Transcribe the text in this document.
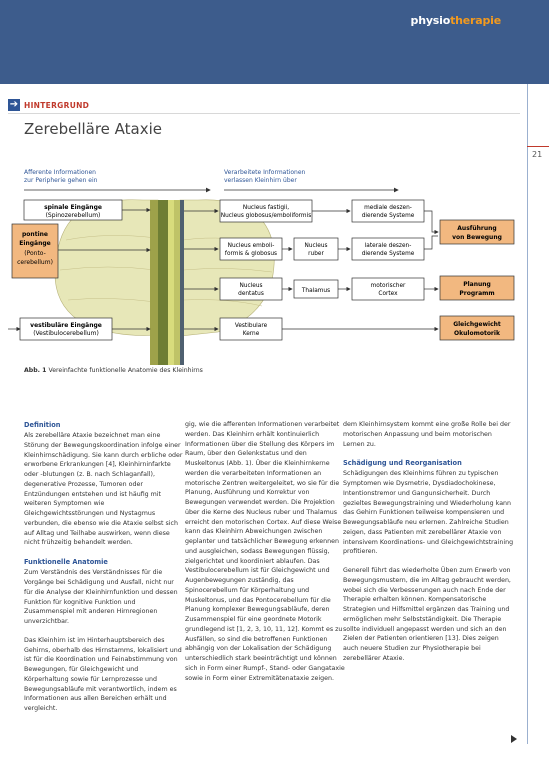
physiotherapie
21
➔ HINTERGRUND
Zerebelläre Ataxie
Afferente Informationen
zur Peripherie gehen ein
Verarbeitete Informationen
verlassen Kleinhirn über
spinale Eingänge
(Spinozerebellum)
pontine
Eingänge
(Ponto-
cerebellum)
vestibuläre Eingänge
(Vestibulocerebellum)
Nucleus fastigii,
Nucleus globosus/emboliformis
Nucleus emboli-
formis & globosus
Nucleus
dentatus
Vestibulare
Kerne
Nucleus
ruber
Thalamus
mediale deszen-
dierende Systeme
laterale deszen-
dierende Systeme
motorischer
Cortex
Ausführung
von Bewegung
Planung
Programm
Gleichgewicht
Okulomotorik
Abb. 1 Vereinfachte funktionelle Anatomie des Kleinhirns
Definition

Als zerebelläre Ataxie bezeichnet man eine Störung der Bewegungskoordination infolge einer Kleinhirnschädigung. Sie kann durch erbliche oder erworbene Erkrankungen [4], Kleinhirninfarkte oder -blutungen (z. B. nach Schlaganfall), degenerative Prozesse, Tumoren oder Entzündungen entstehen und ist häufig mit weiteren Symptomen wie Gleichgewichtsstörungen und Nystagmus verbunden, die ebenso wie die Ataxie selbst sich auf Alltag und Teilhabe auswirken, wenn diese nicht frühzeitig behandelt werden.

Funktionelle Anatomie

Zum Verständnis des Verständnisses für die Vorgänge bei Schädigung und Ausfall, nicht nur für die Analyse der Kleinhirnfunktion und dessen Funktion für kognitive Funktion und Zusammenspiel mit anderen Hirnregionen unverzichtbar.

Das Kleinhirn ist im Hinterhauptsbereich des Gehirns, oberhalb des Hirnstamms, lokalisiert und ist für die Koordination und Feinabstimmung von Bewegungen, für Gleichgewicht und Körperhaltung sowie für Lernprozesse und Bewegungsabläufe mit verantwortlich, indem es Informationen aus allen Bereichen erhält und vergleicht.

gig, wie die afferenten Informationen verarbeitet werden. Das Kleinhirn erhält kontinuierlich Informationen über die Stellung des Körpers im Raum, über den Gelenkstatus und den Muskeltonus (Abb. 1). Über die Kleinhirnkerne werden die verarbeiteten Informationen an motorische Zentren weitergeleitet, wo sie für die Planung, Ausführung und Korrektur von Bewegungen verwendet werden. Die Projektion über die Kerne des Nucleus ruber und Thalamus erreicht den motorischen Cortex. Auf diese Weise kann das Kleinhirn Abweichungen zwischen geplanter und tatsächlicher Bewegung erkennen und ausgleichen, sodass Bewegungen flüssig, zielgerichtet und koordiniert ablaufen. Das Vestibulocerebellum ist für Gleichgewicht und Augenbewegungen zuständig, das Spinocerebellum für Körperhaltung und Muskeltonus, und das Pontocerebellum für die Planung komplexer Bewegungsabläufe, deren Zusammenspiel für eine geordnete Motorik grundlegend ist [1, 2, 3, 10, 11, 12]. Kommt es zu Ausfällen, so sind die betroffenen Funktionen abhängig von der Lokalisation der Schädigung unterschiedlich stark beeinträchtigt und können sich in Form einer Rumpf-, Stand- oder Gangataxie sowie in Form einer Extremitätenataxie zeigen.

dem Kleinhirnsystem kommt eine große Rolle bei der motorischen Anpassung und beim motorischen Lernen zu.

Schädigung und Reorganisation

Schädigungen des Kleinhirns führen zu typischen Symptomen wie Dysmetrie, Dysdiadochokinese, Intentionstremor und Gangunsicherheit. Durch gezieltes Bewegungstraining und Wiederholung kann das Gehirn Funktionen teilweise kompensieren und Bewegungsabläufe neu erlernen. Zahlreiche Studien zeigen, dass Patienten mit zerebellärer Ataxie von intensivem Koordinations- und Gleichgewichtstraining profitieren.

Generell führt das wiederholte Üben zum Erwerb von Bewegungsmustern, die im Alltag gebraucht werden, wobei sich die Verbesserungen auch nach Ende der Therapie erhalten können. Kompensatorische Strategien und Hilfsmittel ergänzen das Training und ermöglichen mehr Selbstständigkeit. Die Therapie sollte individuell angepasst werden und sich an den Zielen der Patienten orientieren [13]. Dies zeigen auch neuere Studien zur Physiotherapie bei zerebellärer Ataxie.
